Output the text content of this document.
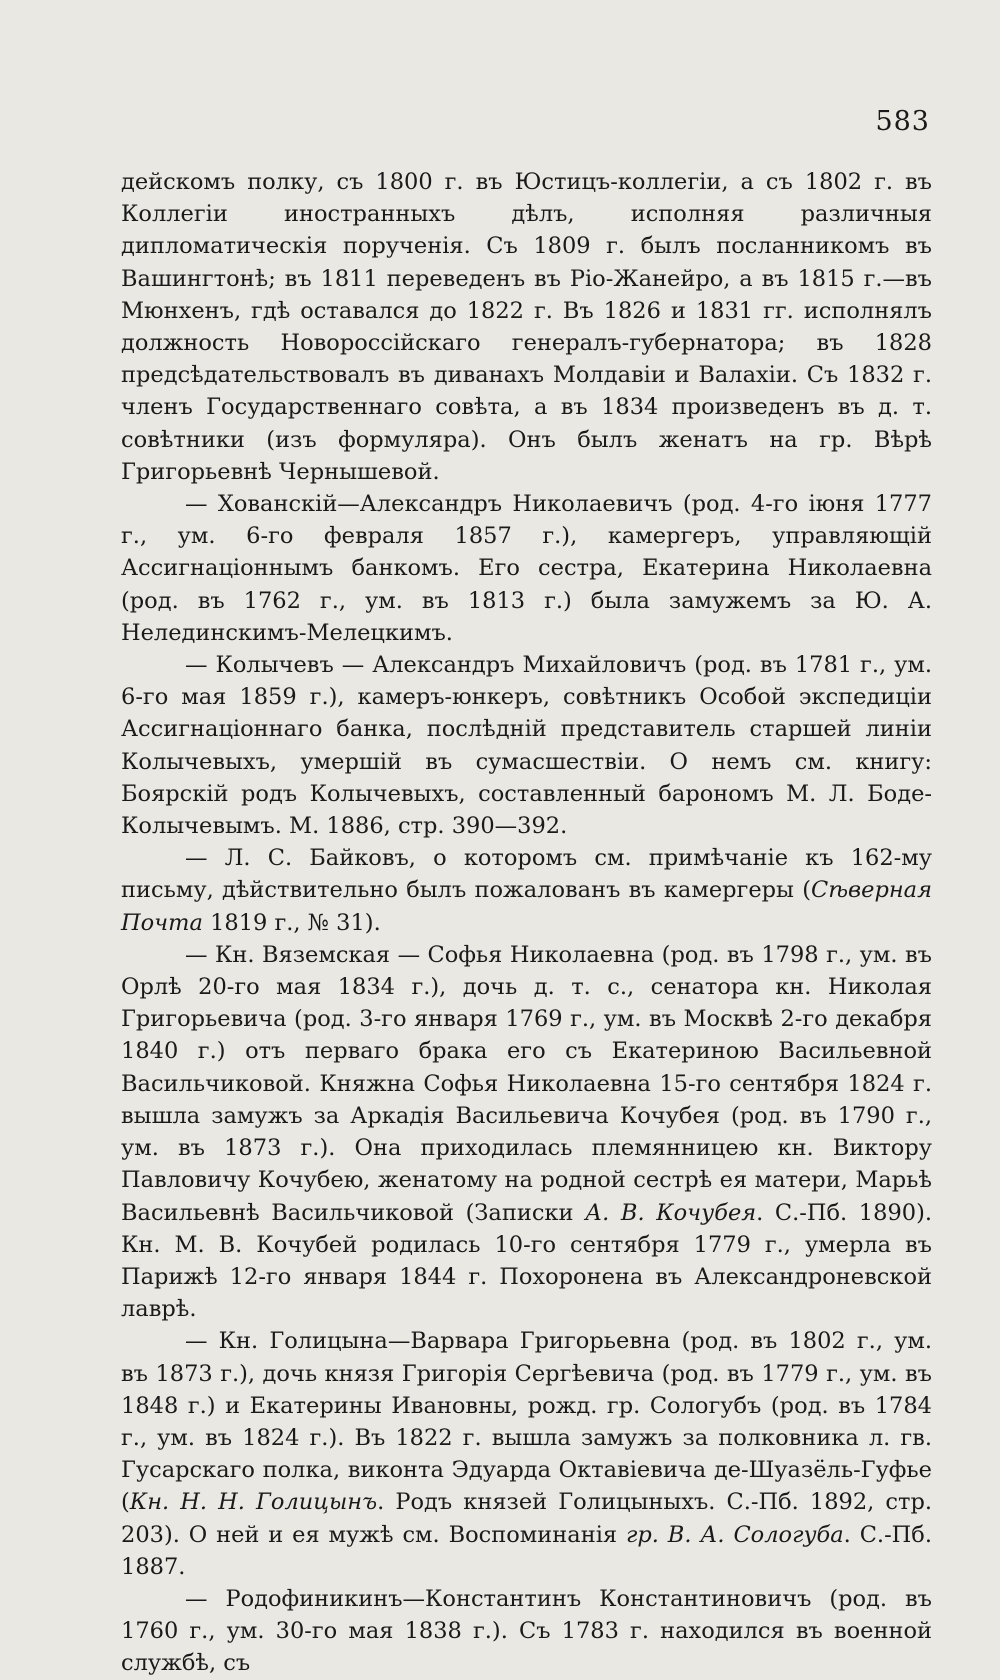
583

дейскомъ полку, съ 1800 г. въ Юстицъ-коллегіи, а съ 1802 г. въ Коллегіи иностранныхъ дѣлъ, исполняя различныя дипломатическія порученія. Съ 1809 г. былъ посланникомъ въ Вашингтонѣ; въ 1811 переведенъ въ Ріо-Жанейро, а въ 1815 г.—въ Мюнхенъ, гдѣ оставался до 1822 г. Въ 1826 и 1831 гг. исполнялъ должность Новороссійскаго генералъ-губернатора; въ 1828 предсѣдательствовалъ въ диванахъ Молдавіи и Валахіи. Съ 1832 г. членъ Государственнаго совѣта, а въ 1834 произведенъ въ д. т. совѣтники (изъ формуляра). Онъ былъ женатъ на гр. Вѣрѣ Григорьевнѣ Чернышевой.

— Хованскій—Александръ Николаевичъ (род. 4-го іюня 1777 г., ум. 6-го февраля 1857 г.), камергеръ, управляющій Ассигнаціоннымъ банкомъ. Его сестра, Екатерина Николаевна (род. въ 1762 г., ум. въ 1813 г.) была замужемъ за Ю. А. Нелединскимъ-Мелецкимъ.

— Колычевъ — Александръ Михайловичъ (род. въ 1781 г., ум. 6-го мая 1859 г.), камеръ-юнкеръ, совѣтникъ Особой экспедиціи Ассигнаціоннаго банка, послѣдній представитель старшей линіи Колычевыхъ, умершій въ сумасшествіи. О немъ см. книгу: Боярскій родъ Колычевыхъ, составленный барономъ М. Л. Боде-Колычевымъ. М. 1886, стр. 390—392.

— Л. С. Байковъ, о которомъ см. примѣчаніе къ 162-му письму, дѣйствительно былъ пожалованъ въ камергеры (Сѣверная Почта 1819 г., № 31).

— Кн. Вяземская — Софья Николаевна (род. въ 1798 г., ум. въ Орлѣ 20-го мая 1834 г.), дочь д. т. с., сенатора кн. Николая Григорьевича (род. 3-го января 1769 г., ум. въ Москвѣ 2-го декабря 1840 г.) отъ перваго брака его съ Екатериною Васильевной Васильчиковой. Княжна Софья Николаевна 15-го сентября 1824 г. вышла замужъ за Аркадія Васильевича Кочубея (род. въ 1790 г., ум. въ 1873 г.). Она приходилась племянницею кн. Виктору Павловичу Кочубею, женатому на родной сестрѣ ея матери, Марьѣ Васильевнѣ Васильчиковой (Записки А. В. Кочубея. С.-Пб. 1890). Кн. М. В. Кочубей родилась 10-го сентября 1779 г., умерла въ Парижѣ 12-го января 1844 г. Похоронена въ Александроневской лаврѣ.

— Кн. Голицына—Варвара Григорьевна (род. въ 1802 г., ум. въ 1873 г.), дочь князя Григорія Сергѣевича (род. въ 1779 г., ум. въ 1848 г.) и Екатерины Ивановны, рожд. гр. Сологубъ (род. въ 1784 г., ум. въ 1824 г.). Въ 1822 г. вышла замужъ за полковника л. гв. Гусарскаго полка, виконта Эдуарда Октавіевича де-Шуазёль-Гуфье (Кн. Н. Н. Голицынъ. Родъ князей Голицыныхъ. С.-Пб. 1892, стр. 203). О ней и ея мужѣ см. Воспоминанія гр. В. А. Сологуба. С.-Пб. 1887.

— Родофиникинъ—Константинъ Константиновичъ (род. въ 1760 г., ум. 30-го мая 1838 г.). Съ 1783 г. находился въ военной службѣ, съ
